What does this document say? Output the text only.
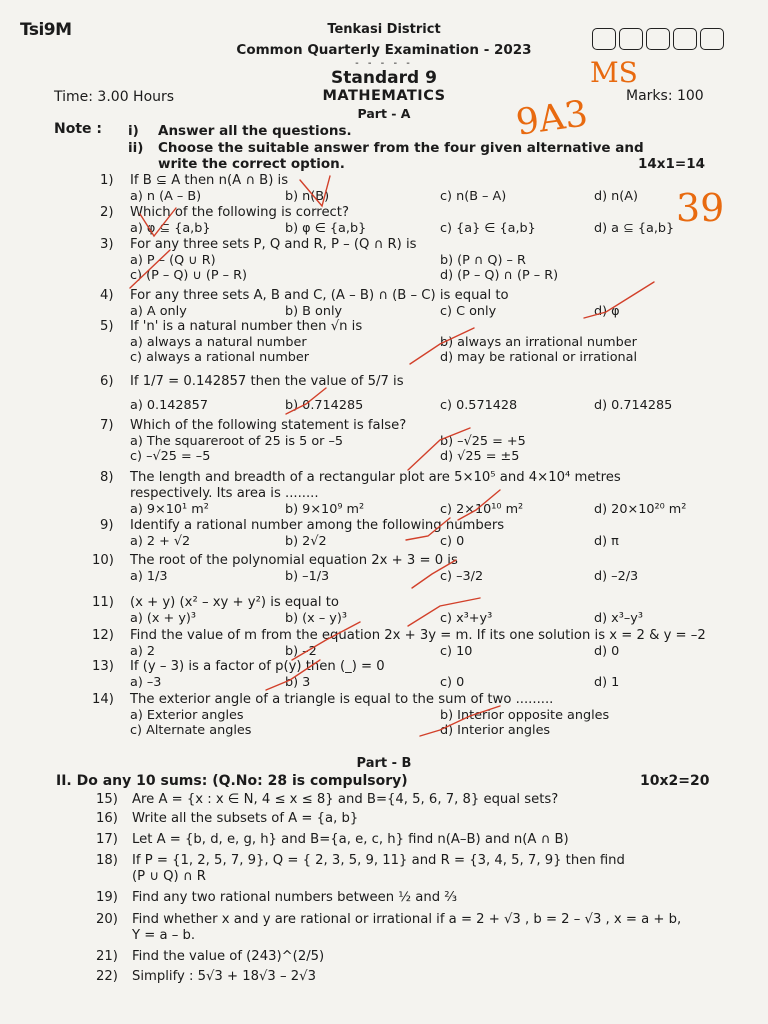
Tsi9M	Tenkasi District
Common Quarterly Examination - 2023
- - - - -
Standard 9
MATHEMATICS
Part - A
Time: 3.00 Hours	Marks: 100
MS
9A3
39
Note : i) Answer all the questions.
ii) Choose the suitable answer from the four given alternative and
write the correct option.	14x1=14
1) If B ⊆ A then n(A ∩ B) is
a) n (A – B)	b) n(B)	c) n(B – A)	d) n(A)
2) Which of the following is correct?
a) φ ⊆ {a,b}	b) φ ∈ {a,b}	c) {a} ∈ {a,b}	d) a ⊆ {a,b}
3) For any three sets P, Q and R, P – (Q ∩ R) is
a) P – (Q ∪ R)	b) (P ∩ Q) – R
c) (P – Q) ∪ (P – R)	d) (P – Q) ∩ (P – R)
4) For any three sets A, B and C, (A – B) ∩ (B – C) is equal to
a) A only	b) B only	c) C only	d) φ
5) If 'n' is a natural number then √n is
a) always a natural number	b) always an irrational number
c) always a rational number	d) may be rational or irrational
6) If 1/7 = 0.142857 then the value of 5/7 is
a) 0.142857	b) 0.714285	c) 0.571428	d) 0.714285
7) Which of the following statement is false?
a) The squareroot of 25 is 5 or –5	b) –√25 = +5
c) –√25 = –5	d) √25 = ±5
8) The length and breadth of a rectangular plot are 5×10⁵ and 4×10⁴ metres
respectively. Its area is ........
a) 9×10¹ m²	b) 9×10⁹ m²	c) 2×10¹⁰ m²	d) 20×10²⁰ m²
9) Identify a rational number among the following numbers
a) 2 + √2	b) 2√2	c) 0	d) π
10) The root of the polynomial equation 2x + 3 = 0 is
a) 1/3	b) –1/3	c) –3/2	d) –2/3
11) (x + y) (x² – xy + y²) is equal to
a) (x + y)³	b) (x – y)³	c) x³+y³	d) x³–y³
12) Find the value of m from the equation 2x + 3y = m. If its one solution is x = 2 & y = –2
a) 2	b) –2	c) 10	d) 0
13) If (y – 3) is a factor of p(y) then (_) = 0
a) –3	b) 3	c) 0	d) 1
14) The exterior angle of a triangle is equal to the sum of two .........
a) Exterior angles	b) Interior opposite angles
c) Alternate angles	d) Interior angles
Part - B
II. Do any 10 sums: (Q.No: 28 is compulsory)	10x2=20
15) Are A = {x : x ∈ N, 4 ≤ x ≤ 8} and B={4, 5, 6, 7, 8} equal sets?
16) Write all the subsets of A = {a, b}
17) Let A = {b, d, e, g, h} and B={a, e, c, h} find n(A–B) and n(A ∩ B)
18) If P = {1, 2, 5, 7, 9}, Q = { 2, 3, 5, 9, 11} and R = {3, 4, 5, 7, 9} then find
(P ∪ Q) ∩ R
19) Find any two rational numbers between ½ and ⅔
20) Find whether x and y are rational or irrational if a = 2 + √3 , b = 2 – √3 , x = a + b,
Y = a – b.
21) Find the value of (243)^(2/5)
22) Simplify : 5√3 + 18√3 – 2√3
